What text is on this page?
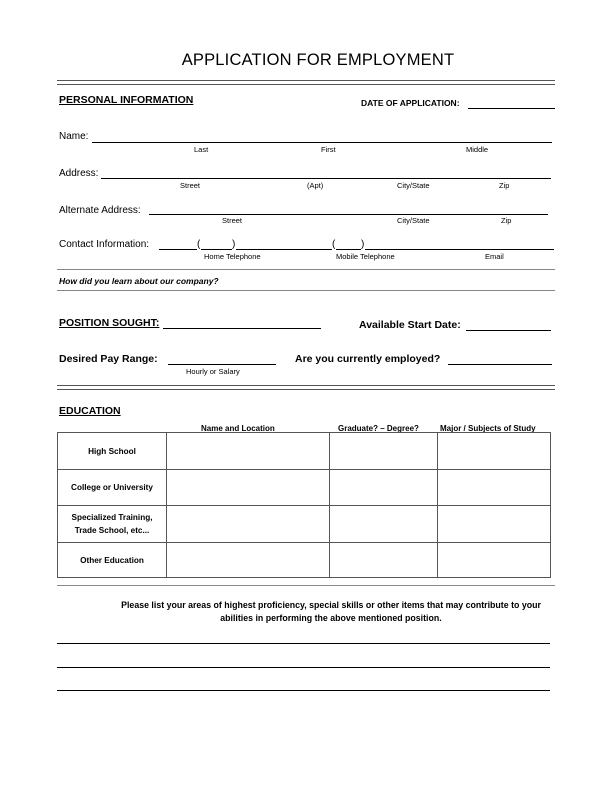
APPLICATION FOR EMPLOYMENT
PERSONAL INFORMATION	DATE OF APPLICATION:
Name:
Last	First	Middle
Address:
Street	(Apt)	City/State	Zip
Alternate Address:
Street	City/State	Zip
Contact Information:	(	)	(	)
Home Telephone	Mobile Telephone	Email
How did you learn about our company?
POSITION SOUGHT:	Available Start Date:
Desired Pay Range:
Hourly or Salary
Are you currently employed?
EDUCATION
Name and Location	Graduate? – Degree?	Major / Subjects of Study
High School			
College or University			

Specialized Training,
Trade School, etc...			

Other Education			
Please list your areas of highest proficiency, special skills or other items that may contribute to your
abilities in performing the above mentioned position.
